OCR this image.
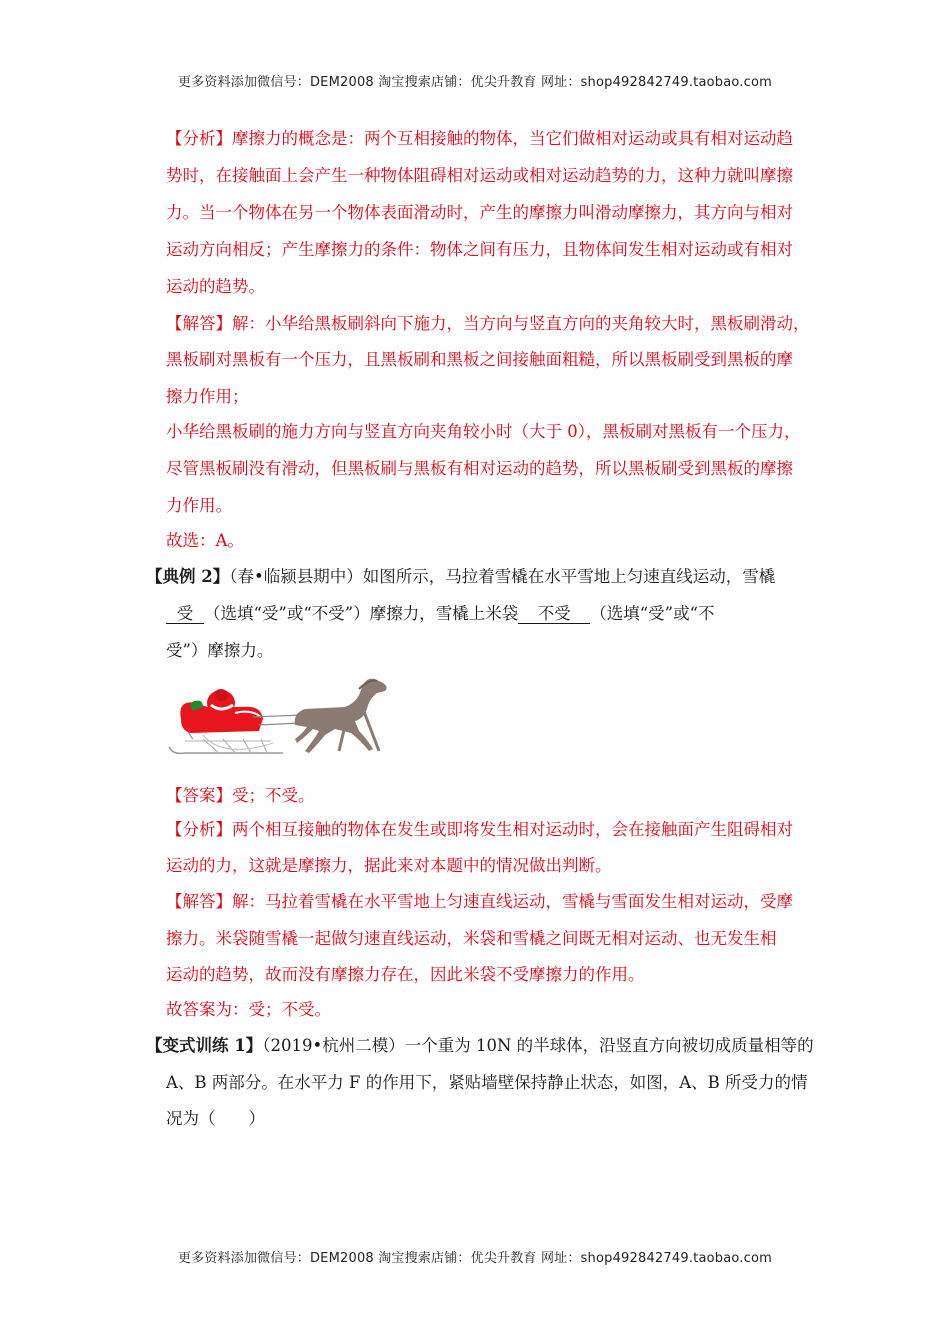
更多资料添加微信号：DEM2008 淘宝搜索店铺：优尖升教育 网址：shop492842749.taobao.com
【分析】摩擦力的概念是：两个互相接触的物体，当它们做相对运动或具有相对运动趋
势时，在接触面上会产生一种物体阻碍相对运动或相对运动趋势的力，这种力就叫摩擦
力。当一个物体在另一个物体表面滑动时，产生的摩擦力叫滑动摩擦力，其方向与相对
运动方向相反；产生摩擦力的条件：物体之间有压力，且物体间发生相对运动或有相对
运动的趋势。
【解答】解：小华给黑板刷斜向下施力，当方向与竖直方向的夹角较大时，黑板刷滑动，
黑板刷对黑板有一个压力，且黑板刷和黑板之间接触面粗糙，所以黑板刷受到黑板的摩
擦力作用；
小华给黑板刷的施力方向与竖直方向夹角较小时（大于 0），黑板刷对黑板有一个压力，
尽管黑板刷没有滑动，但黑板刷与黑板有相对运动的趋势，所以黑板刷受到黑板的摩擦
力作用。
故选：A。
【典例 2】（春•临颍县期中）如图所示，马拉着雪橇在水平雪地上匀速直线运动，雪橇
受 （选填“受”或“不受”）摩擦力，雪橇上米袋 不受 （选填“受”或“不
受”）摩擦力。
【答案】受；不受。
【分析】两个相互接触的物体在发生或即将发生相对运动时，会在接触面产生阻碍相对
运动的力，这就是摩擦力，据此来对本题中的情况做出判断。
【解答】解：马拉着雪橇在水平雪地上匀速直线运动，雪橇与雪面发生相对运动，受摩
擦力。米袋随雪橇一起做匀速直线运动，米袋和雪橇之间既无相对运动、也无发生相
运动的趋势，故而没有摩擦力存在，因此米袋不受摩擦力的作用。
故答案为：受；不受。
【变式训练 1】（2019•杭州二模）一个重为 10N 的半球体，沿竖直方向被切成质量相等的
A、B 两部分。在水平力 F 的作用下，紧贴墙壁保持静止状态，如图，A、B 所受力的情
况为（　　）
更多资料添加微信号：DEM2008 淘宝搜索店铺：优尖升教育 网址：shop492842749.taobao.com
